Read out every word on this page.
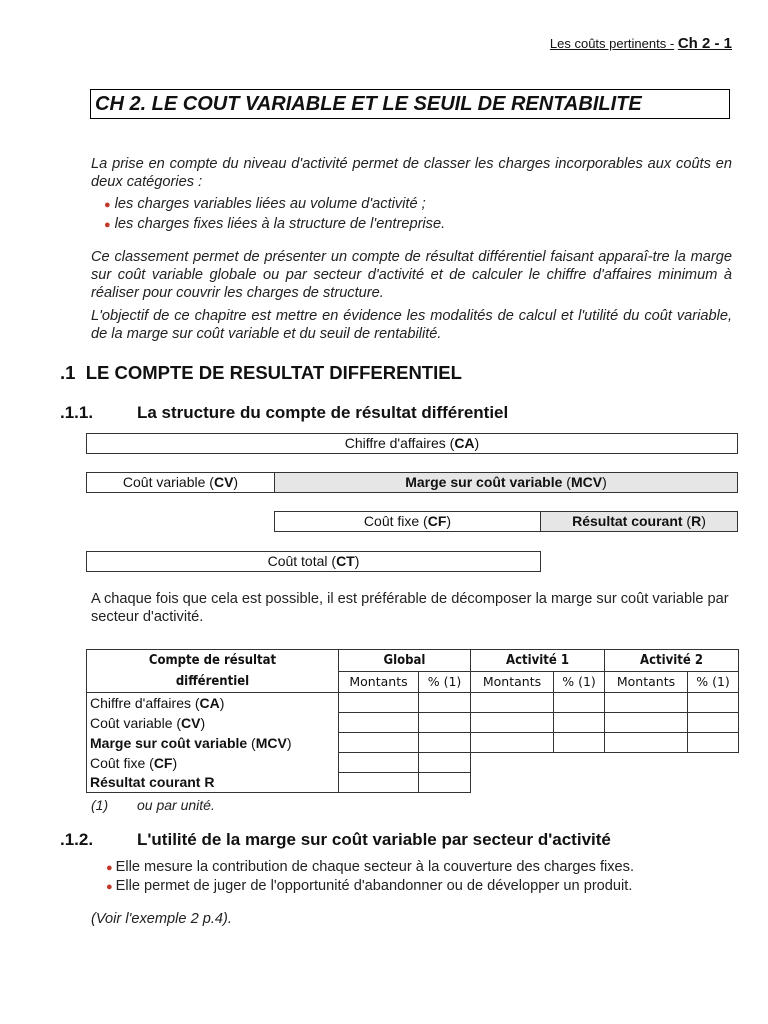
Les coûts pertinents - Ch 2 - 1
CH 2. LE COUT VARIABLE ET LE SEUIL DE RENTABILITE
La prise en compte du niveau d'activité permet de classer les charges incorporables aux coûts en deux catégories :
● les charges variables liées au volume d'activité ;
● les charges fixes liées à la structure de l'entreprise.
Ce classement permet de présenter un compte de résultat différentiel faisant apparaî-tre la marge sur coût variable globale ou par secteur d'activité et de calculer le chiffre d'affaires minimum à réaliser pour couvrir les charges de structure.
L'objectif de ce chapitre est mettre en évidence les modalités de calcul et l'utilité du coût variable, de la marge sur coût variable et du seuil de rentabilité.
.1 LE COMPTE DE RESULTAT DIFFERENTIEL
.1.1.	La structure du compte de résultat différentiel
Chiffre d'affaires (CA)
Coût variable (CV)	Marge sur coût variable (MCV)
Coût fixe (CF)	Résultat courant (R)
Coût total (CT)
A chaque fois que cela est possible, il est préférable de décomposer la marge sur coût variable par secteur d'activité.
Compte de résultat
différentiel	Global		Activité 1		Activité 2	
	Montants	% (1)	Montants	% (1)	Montants	% (1)
Chiffre d'affaires (CA)						
Coût variable (CV)						
Marge sur coût variable (MCV)						
Coût fixe (CF)						
Résultat courant R						
(1) ou par unité.
.1.2.	L'utilité de la marge sur coût variable par secteur d'activité
● Elle mesure la contribution de chaque secteur à la couverture des charges fixes.
● Elle permet de juger de l'opportunité d'abandonner ou de développer un produit.
(Voir l'exemple 2 p.4).
